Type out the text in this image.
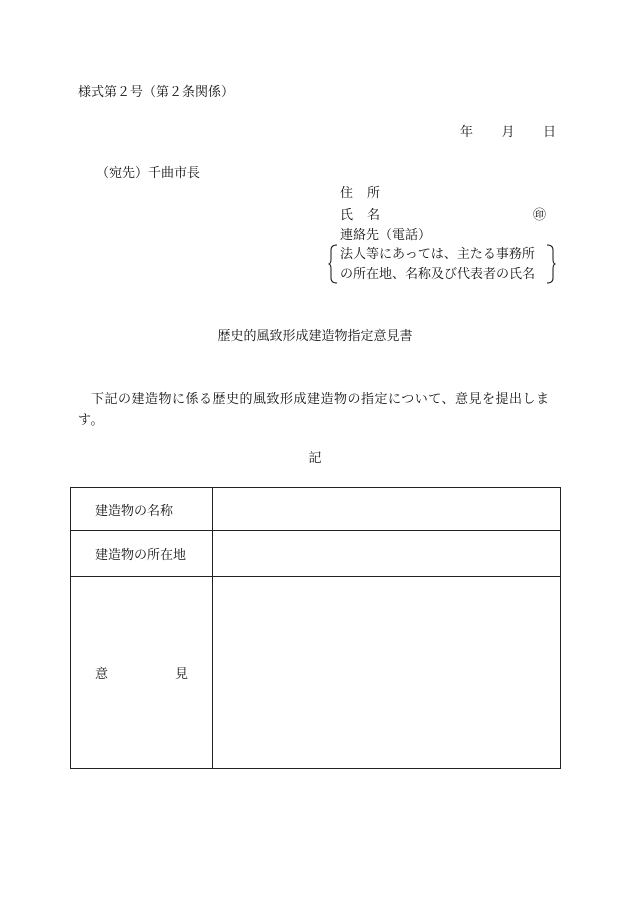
様式第２号（第２条関係）
年 月 日
（宛先）千曲市長
住 所
氏 名	㊞
連絡先（電話）
法人等にあっては、主たる事務所
の所在地、名称及び代表者の氏名
歴史的風致形成建造物指定意見書
下記の建造物に係る歴史的風致形成建造物の指定について、意見を提出します。
記
建造物の名称	

建造物の所在地	

意 見	
